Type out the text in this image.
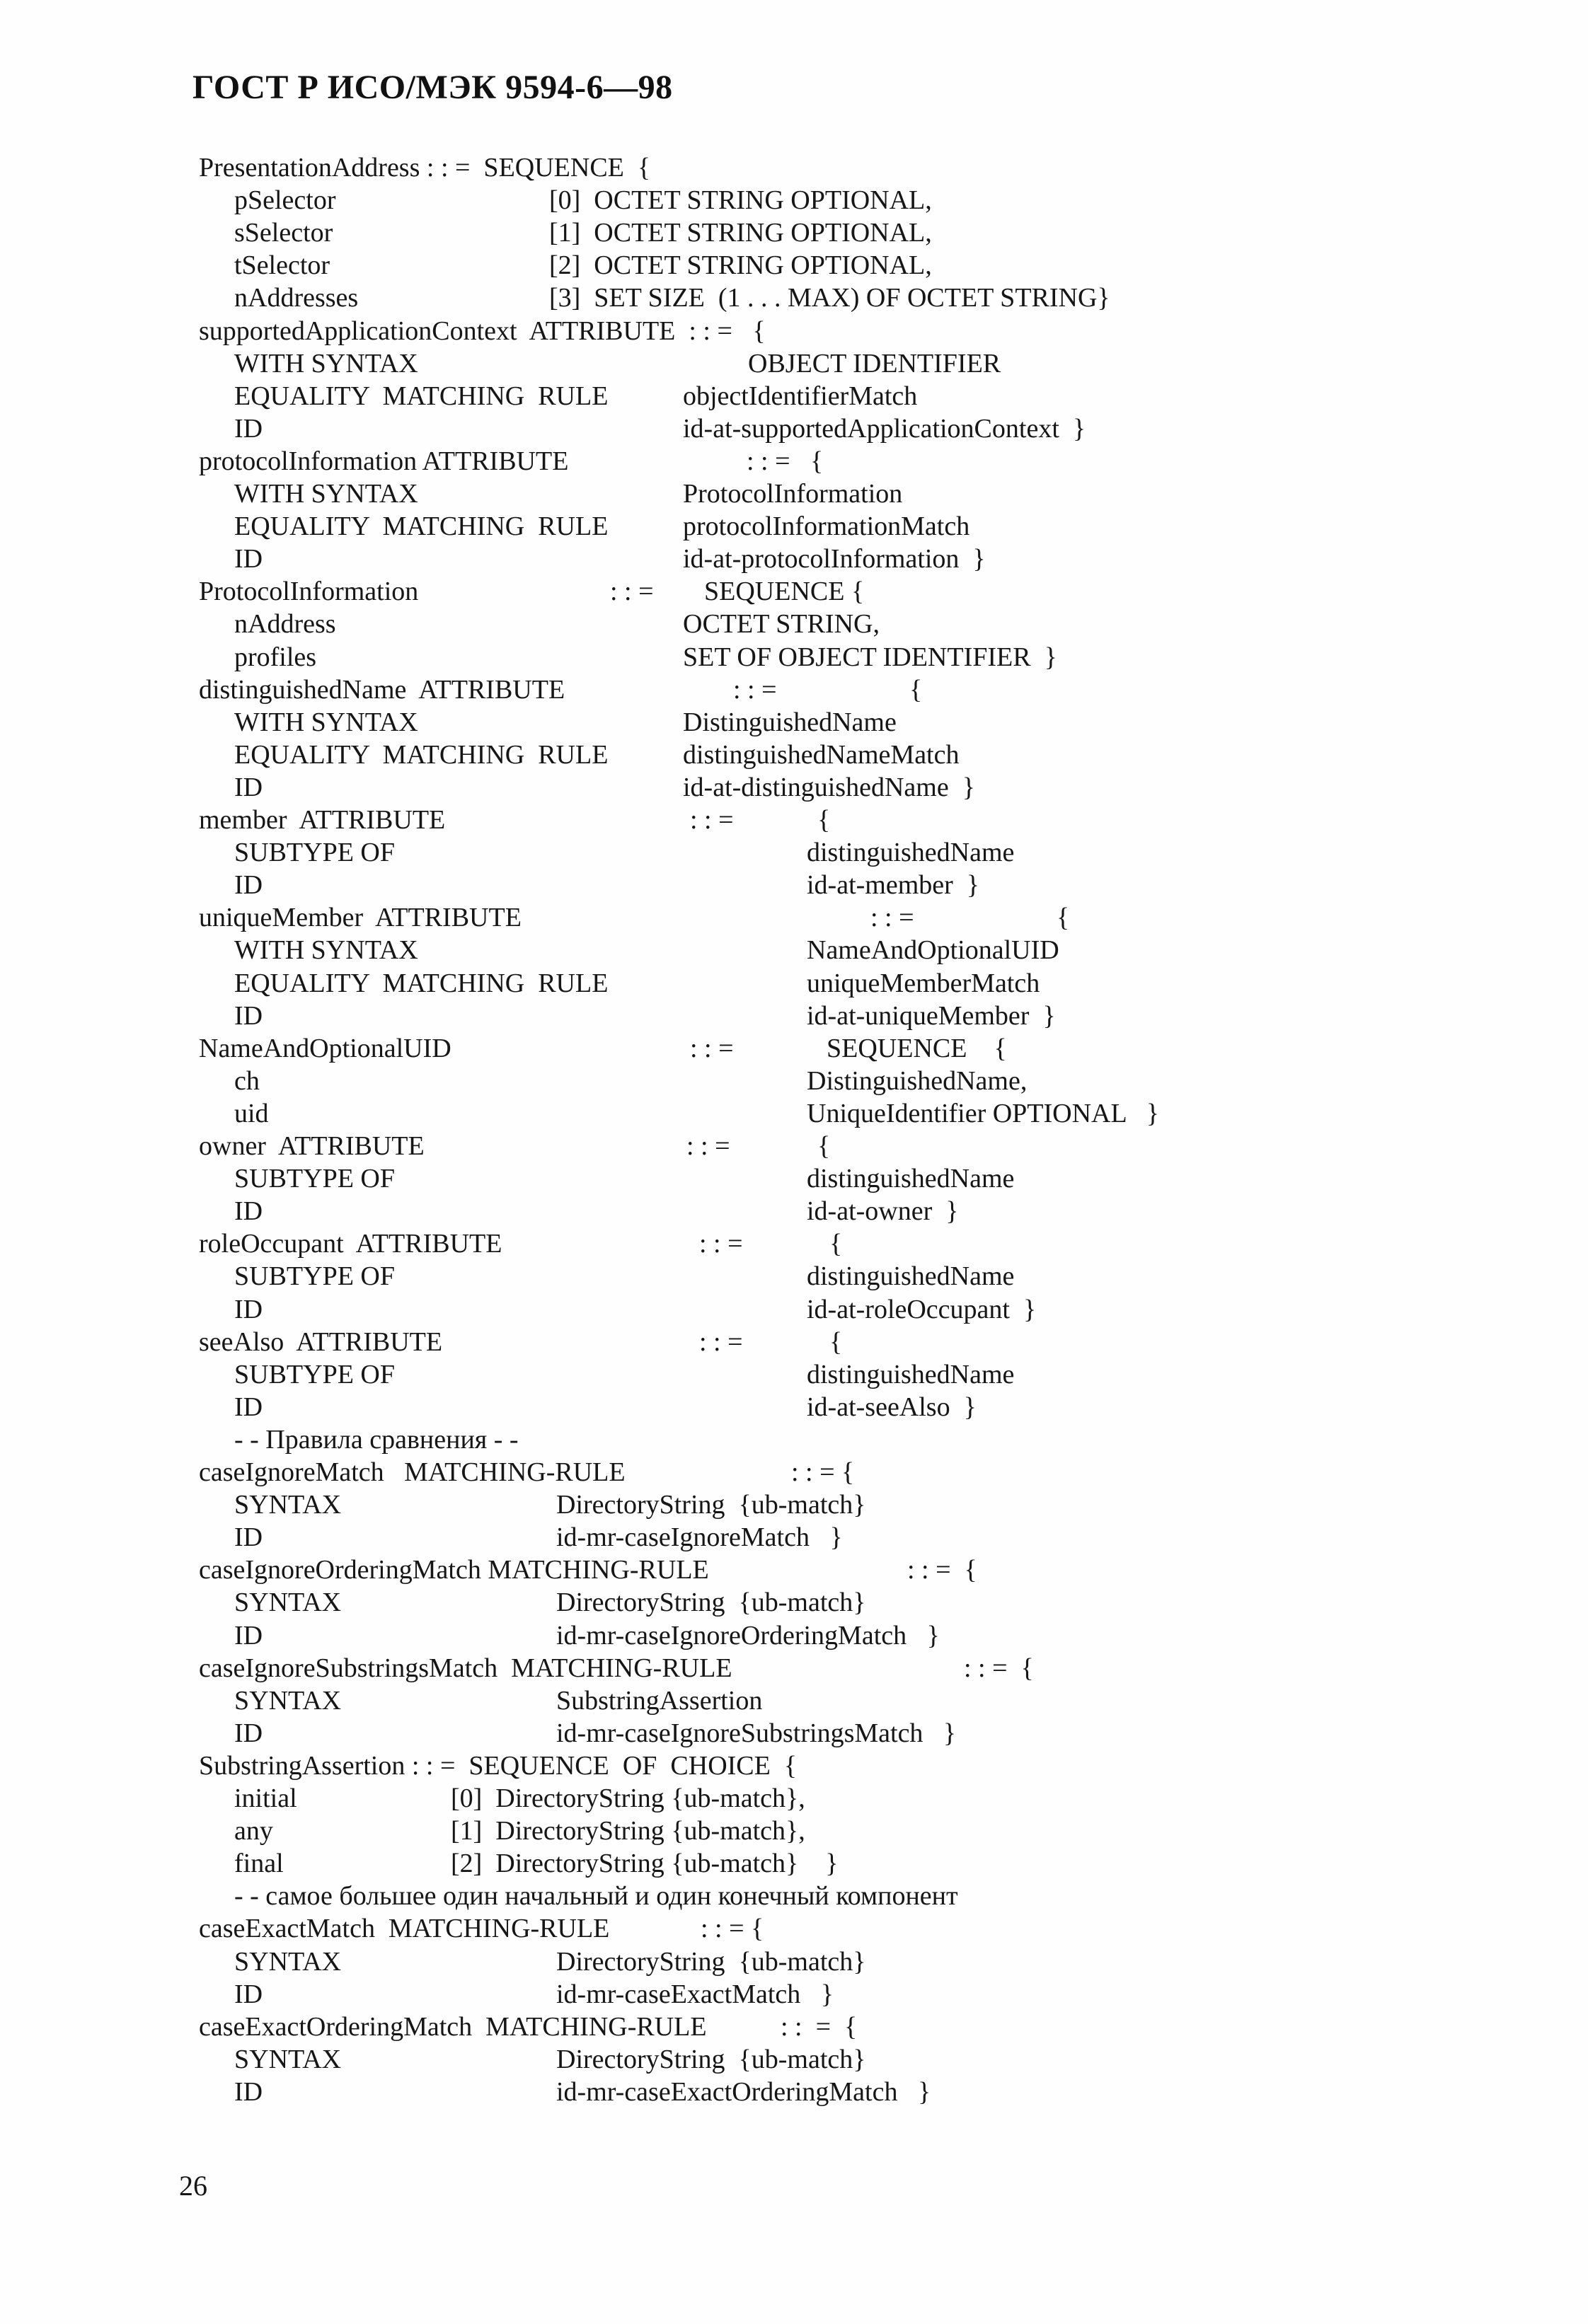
ГОСТ Р ИСО/МЭК 9594-6—98
PresentationAddress : : =  SEQUENCE  {
pSelector	[0]  OCTET STRING OPTIONAL,
sSelector	[1]  OCTET STRING OPTIONAL,
tSelector	[2]  OCTET STRING OPTIONAL,
nAddresses	[3]  SET SIZE  (1 . . . MAX) OF OCTET STRING}
supportedApplicationContext  ATTRIBUTE  : : =   {
WITH SYNTAX	OBJECT IDENTIFIER
EQUALITY  MATCHING  RULE	objectIdentifierMatch
ID	id-at-supportedApplicationContext  }
protocolInformation ATTRIBUTE	: : =   {
WITH SYNTAX	ProtocolInformation
EQUALITY  MATCHING  RULE	protocolInformationMatch
ID	id-at-protocolInformation  }
ProtocolInformation	: : = SEQUENCE {
nAddress	OCTET STRING,
profiles	SET OF OBJECT IDENTIFIER  }
distinguishedName  ATTRIBUTE	: : =	{
WITH SYNTAX	DistinguishedName
EQUALITY  MATCHING  RULE	distinguishedNameMatch
ID	id-at-distinguishedName  }
member  ATTRIBUTE	: : =	{
SUBTYPE OF	distinguishedName
ID	id-at-member  }
uniqueMember  ATTRIBUTE	: : =	{
WITH SYNTAX	NameAndOptionalUID
EQUALITY  MATCHING  RULE	uniqueMemberMatch
ID	id-at-uniqueMember  }
NameAndOptionalUID	: : =	SEQUENCE    {
ch	DistinguishedName,
uid	UniqueIdentifier OPTIONAL   }
owner  ATTRIBUTE	: : =	{
SUBTYPE OF	distinguishedName
ID	id-at-owner  }
roleOccupant  ATTRIBUTE	: : =	{
SUBTYPE OF	distinguishedName
ID	id-at-roleOccupant  }
seeAlso  ATTRIBUTE	: : =	{
SUBTYPE OF	distinguishedName
ID	id-at-seeAlso  }
- - Правила сравнения - -
caseIgnoreMatch   MATCHING-RULE	: : = {
SYNTAX	DirectoryString  {ub-match}
ID	id-mr-caseIgnoreMatch   }
caseIgnoreOrderingMatch MATCHING-RULE	: : =  {
SYNTAX	DirectoryString  {ub-match}
ID	id-mr-caseIgnoreOrderingMatch   }
caseIgnoreSubstringsMatch  MATCHING-RULE	: : =  {
SYNTAX	SubstringAssertion
ID	id-mr-caseIgnoreSubstringsMatch   }
SubstringAssertion : : =  SEQUENCE  OF  CHOICE  {
initial	[0]  DirectoryString {ub-match},
any	[1]  DirectoryString {ub-match},
final	[2]  DirectoryString {ub-match}    }
- - самое большее один начальный и один конечный компонент
caseExactMatch  MATCHING-RULE	: : = {
SYNTAX	DirectoryString  {ub-match}
ID	id-mr-caseExactMatch   }
caseExactOrderingMatch  MATCHING-RULE	: :  =  {
SYNTAX	DirectoryString  {ub-match}
ID	id-mr-caseExactOrderingMatch   }
26
